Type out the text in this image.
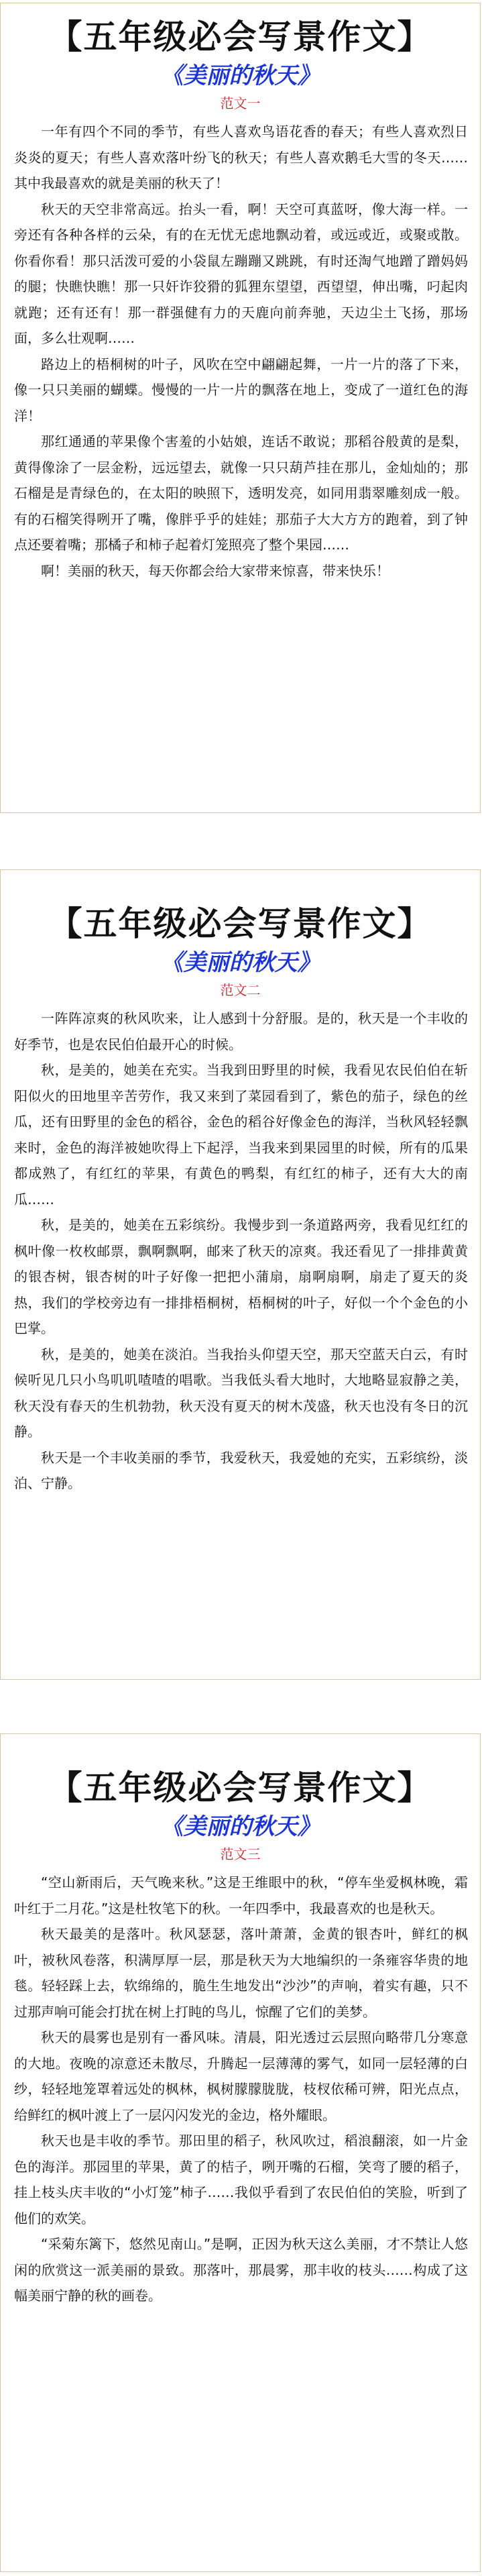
【五年级必会写景作文】
《美丽的秋天》
范文一

一年有四个不同的季节，有些人喜欢鸟语花香的春天；有些人喜欢烈日炎炎的夏天；有些人喜欢落叶纷飞的秋天；有些人喜欢鹅毛大雪的冬天……其中我最喜欢的就是美丽的秋天了！

秋天的天空非常高远。抬头一看，啊！天空可真蓝呀，像大海一样。一旁还有各种各样的云朵，有的在无忧无虑地飘动着，或远或近，或聚或散。你看你看！那只活泼可爱的小袋鼠左蹦蹦又跳跳，有时还淘气地蹭了蹭妈妈的腿；快瞧快瞧！那一只奸诈狡猾的狐狸东望望，西望望，伸出嘴，叼起肉就跑；还有还有！那一群强健有力的天鹿向前奔驰，天边尘土飞扬，那场面，多么壮观啊……

路边上的梧桐树的叶子，风吹在空中翩翩起舞，一片一片的落了下来，像一只只美丽的蝴蝶。慢慢的一片一片的飘落在地上，变成了一道红色的海洋！

那红通通的苹果像个害羞的小姑娘，连话不敢说；那稻谷般黄的是梨，黄得像涂了一层金粉，远远望去，就像一只只葫芦挂在那儿，金灿灿的；那石榴是是青绿色的，在太阳的映照下，透明发亮，如同用翡翠雕刻成一般。有的石榴笑得咧开了嘴，像胖乎乎的娃娃；那茄子大大方方的跑着，到了钟点还要着嘴；那橘子和柿子起着灯笼照亮了整个果园……

啊！美丽的秋天，每天你都会给大家带来惊喜，带来快乐！

【五年级必会写景作文】
《美丽的秋天》
范文二

一阵阵凉爽的秋风吹来，让人感到十分舒服。是的，秋天是一个丰收的好季节，也是农民伯伯最开心的时候。

秋，是美的，她美在充实。当我到田野里的时候，我看见农民伯伯在斩阳似火的田地里辛苦劳作，我又来到了菜园看到了，紫色的茄子，绿色的丝瓜，还有田野里的金色的稻谷，金色的稻谷好像金色的海洋，当秋风轻轻飘来时，金色的海洋被她吹得上下起浮，当我来到果园里的时候，所有的瓜果都成熟了，有红红的苹果，有黄色的鸭梨，有红红的柿子，还有大大的南瓜……

秋，是美的，她美在五彩缤纷。我慢步到一条道路两旁，我看见红红的枫叶像一枚枚邮票，飘啊飘啊，邮来了秋天的凉爽。我还看见了一排排黄黄的银杏树，银杏树的叶子好像一把把小蒲扇，扇啊扇啊，扇走了夏天的炎热，我们的学校旁边有一排排梧桐树，梧桐树的叶子，好似一个个金色的小巴掌。

秋，是美的，她美在淡泊。当我抬头仰望天空，那天空蓝天白云，有时候听见几只小鸟叽叽喳喳的唱歌。当我低头看大地时，大地略显寂静之美，秋天没有春天的生机勃勃，秋天没有夏天的树木茂盛，秋天也没有冬日的沉静。

秋天是一个丰收美丽的季节，我爱秋天，我爱她的充实，五彩缤纷，淡泊、宁静。

【五年级必会写景作文】
《美丽的秋天》
范文三

“空山新雨后，天气晚来秋。”这是王维眼中的秋，“停车坐爱枫林晚，霜叶红于二月花。”这是杜牧笔下的秋。一年四季中，我最喜欢的也是秋天。

秋天最美的是落叶。秋风瑟瑟，落叶萧萧，金黄的银杏叶，鲜红的枫叶，被秋风卷落，积满厚厚一层，那是秋天为大地编织的一条雍容华贵的地毯。轻轻踩上去，软绵绵的，脆生生地发出“沙沙”的声响，着实有趣，只不过那声响可能会打扰在树上打盹的鸟儿，惊醒了它们的美梦。

秋天的晨雾也是别有一番风味。清晨，阳光透过云层照向略带几分寒意的大地。夜晚的凉意还未散尽，升腾起一层薄薄的雾气，如同一层轻薄的白纱，轻轻地笼罩着远处的枫林，枫树朦朦胧胧，枝杈依稀可辨，阳光点点，给鲜红的枫叶渡上了一层闪闪发光的金边，格外耀眼。

秋天也是丰收的季节。那田里的稻子，秋风吹过，稻浪翻滚，如一片金色的海洋。那园里的苹果，黄了的桔子，咧开嘴的石榴，笑弯了腰的稻子，挂上枝头庆丰收的“小灯笼”柿子……我似乎看到了农民伯伯的笑脸，听到了他们的欢笑。

“采菊东篱下，悠然见南山。”是啊，正因为秋天这么美丽，才不禁让人悠闲的欣赏这一派美丽的景致。那落叶，那晨雾，那丰收的枝头……构成了这幅美丽宁静的秋的画卷。
